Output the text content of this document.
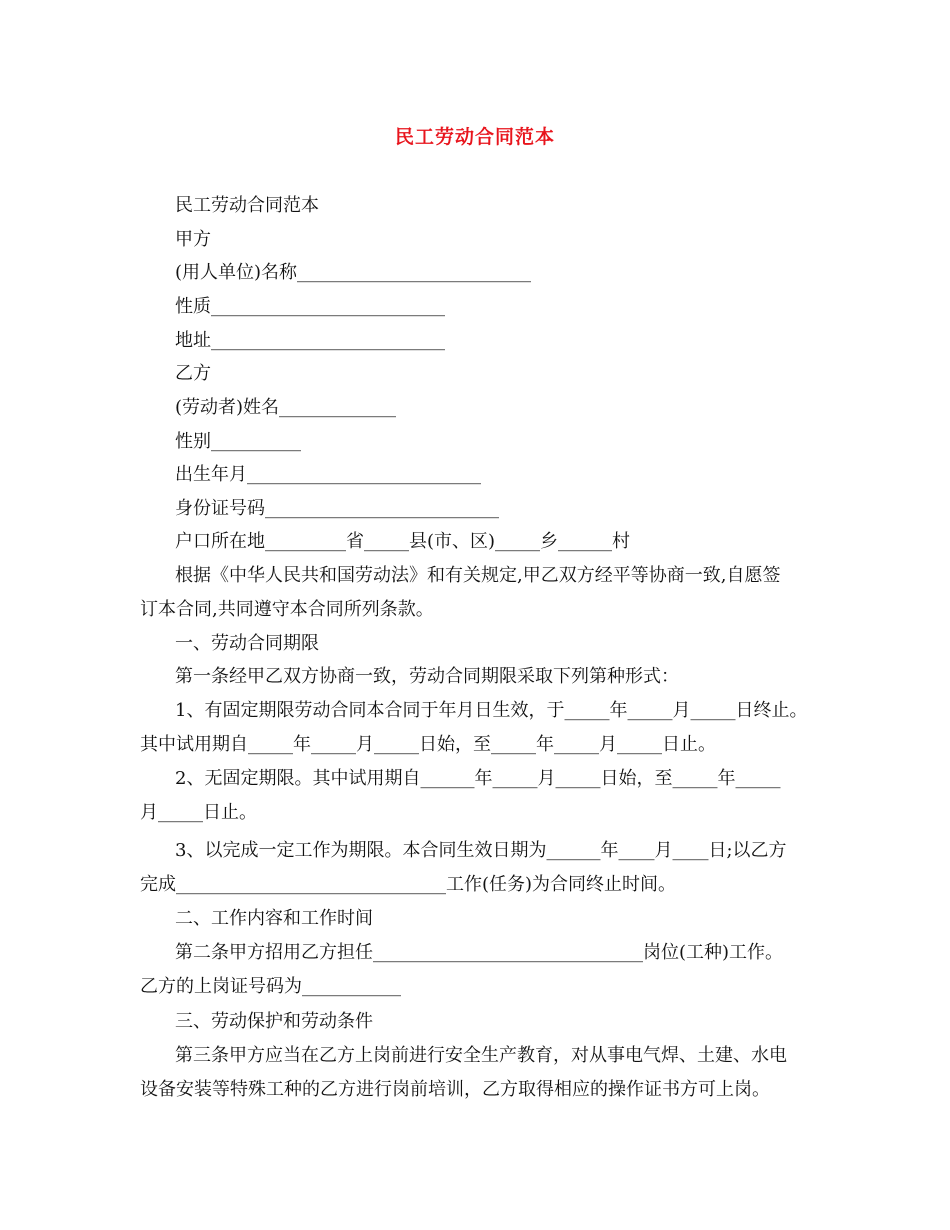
民工劳动合同范本
民工劳动合同范本
甲方
(用人单位)名称__________________________
性质__________________________
地址__________________________
乙方
(劳动者)姓名_____________
性别__________
出生年月__________________________
身份证号码__________________________
户口所在地_________省_____县(市、区)_____乡______村
根据《中华人民共和国劳动法》和有关规定,甲乙双方经平等协商一致,自愿签
订本合同,共同遵守本合同所列条款。
一、劳动合同期限
第一条经甲乙双方协商一致，劳动合同期限采取下列第种形式：
1、有固定期限劳动合同本合同于年月日生效，于_____年_____月_____日终止。
其中试用期自_____年_____月_____日始，至_____年_____月_____日止。
2、无固定期限。其中试用期自______年_____月_____日始，至_____年_____
月_____日止。
3、以完成一定工作为期限。本合同生效日期为______年____月____日;以乙方
完成______________________________工作(任务)为合同终止时间。
二、工作内容和工作时间
第二条甲方招用乙方担任______________________________岗位(工种)工作。
乙方的上岗证号码为___________
三、劳动保护和劳动条件
第三条甲方应当在乙方上岗前进行安全生产教育，对从事电气焊、土建、水电
设备安装等特殊工种的乙方进行岗前培训，乙方取得相应的操作证书方可上岗。
